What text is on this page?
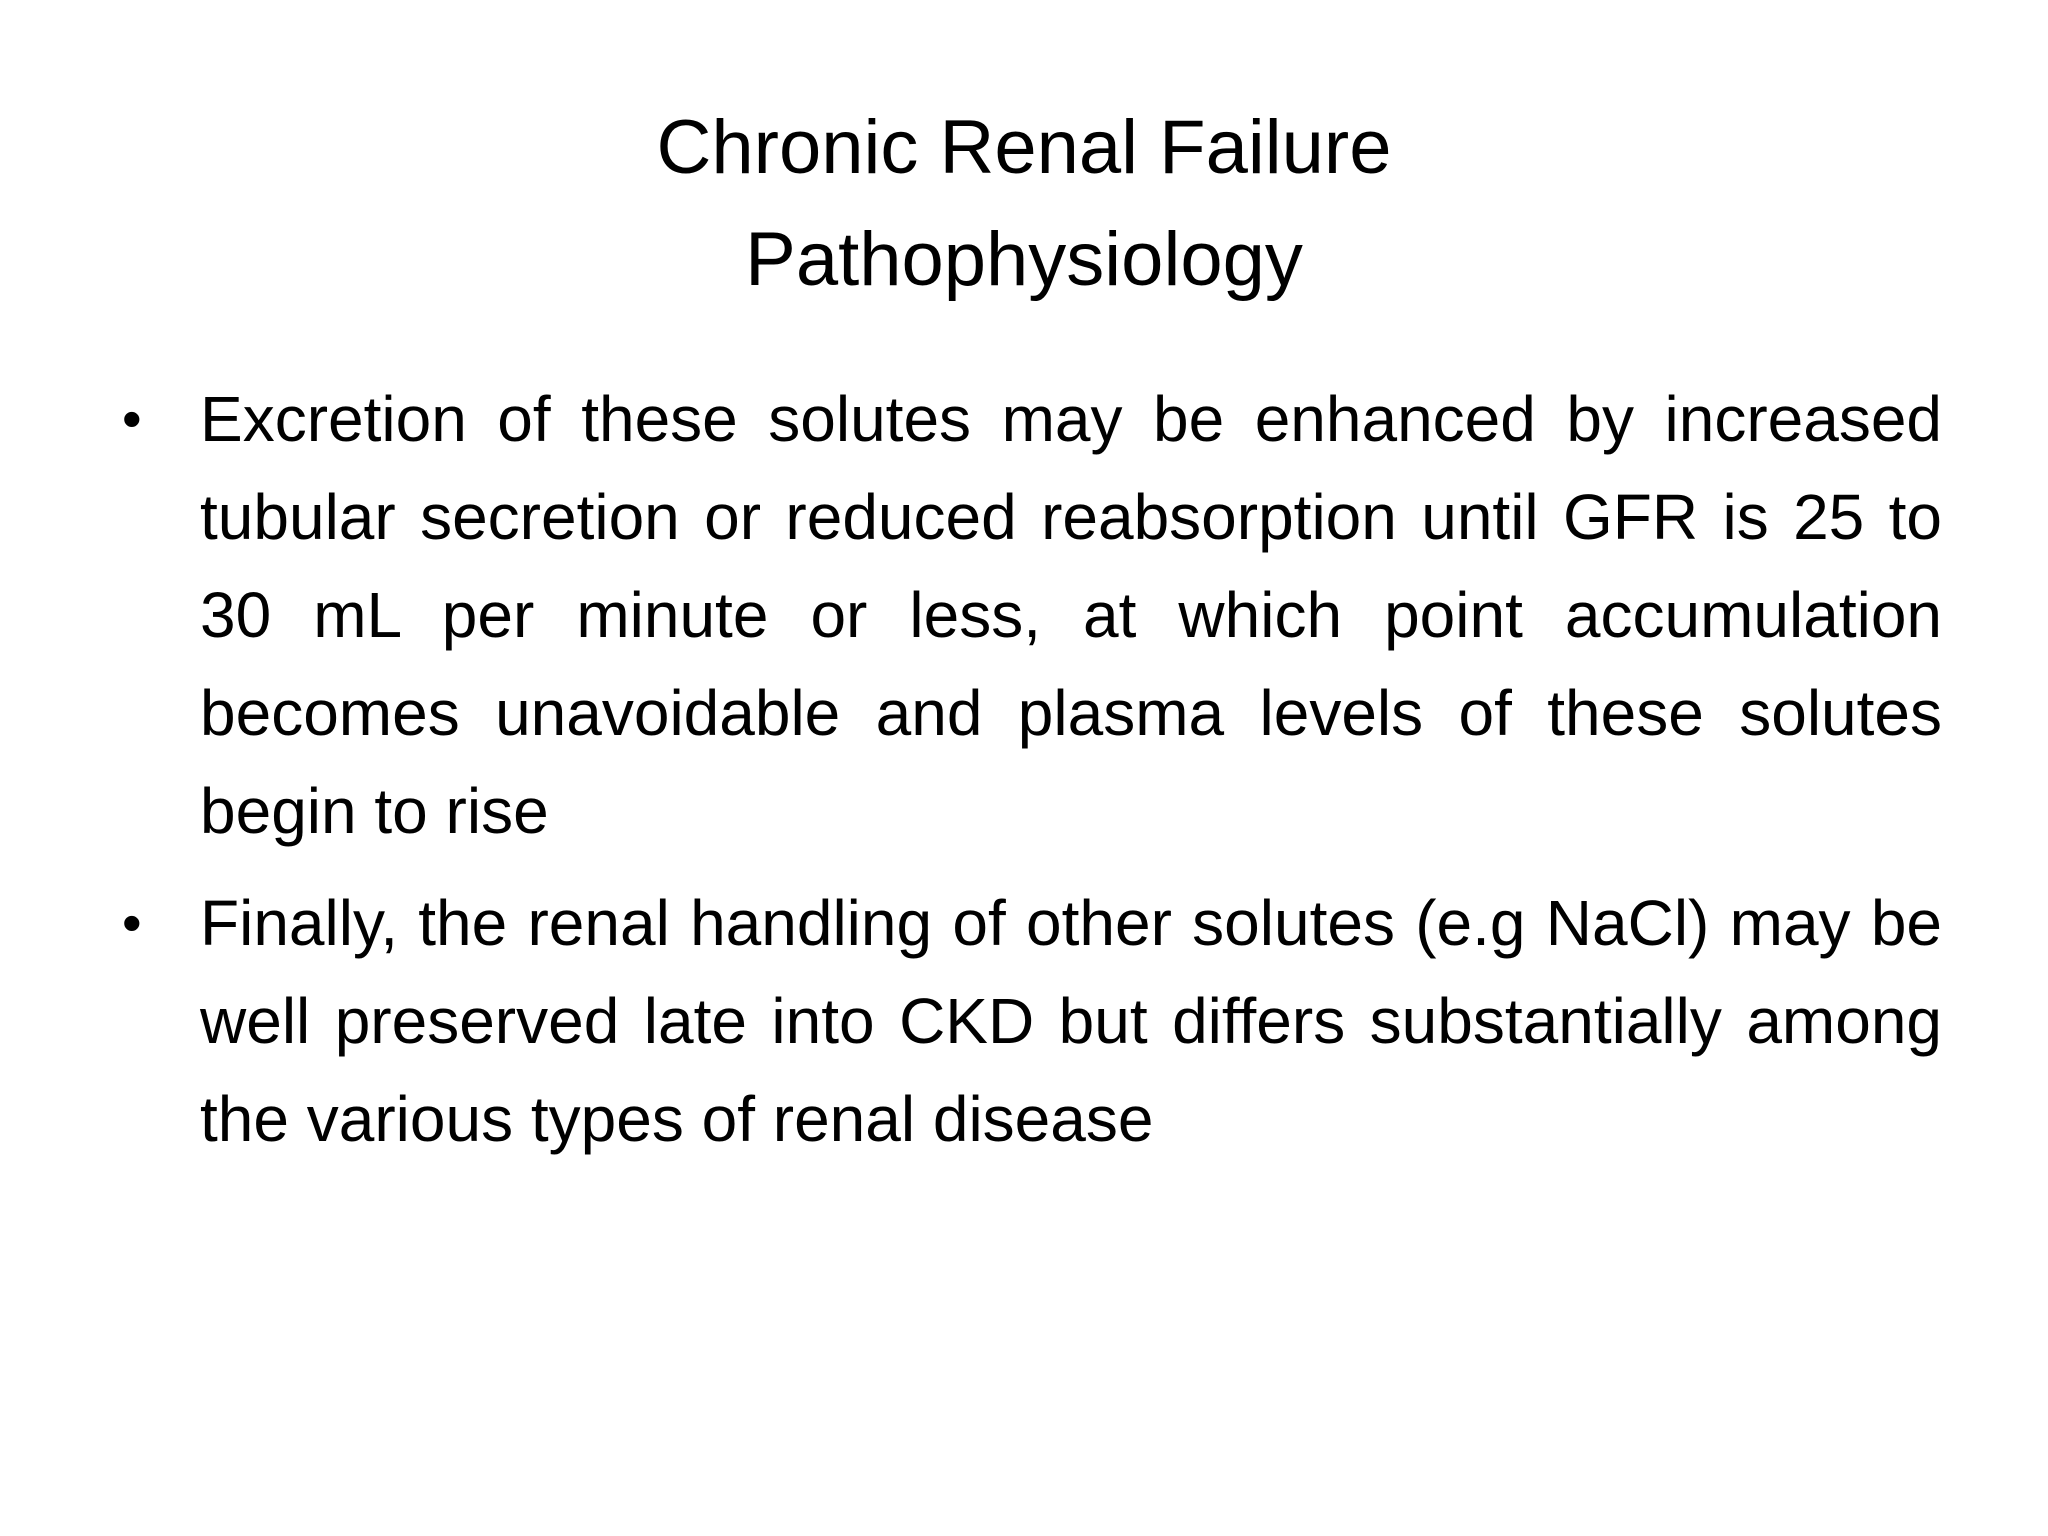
Chronic Renal Failure
Pathophysiology
• Excretion of these solutes may be enhanced by increased tubular secretion or reduced reabsorption until GFR is 25 to 30 mL per minute or less, at which point accumulation becomes unavoidable and plasma levels of these solutes begin to rise
• Finally, the renal handling of other solutes (e.g NaCl) may be well preserved late into CKD but differs substantially among the various types of renal disease
